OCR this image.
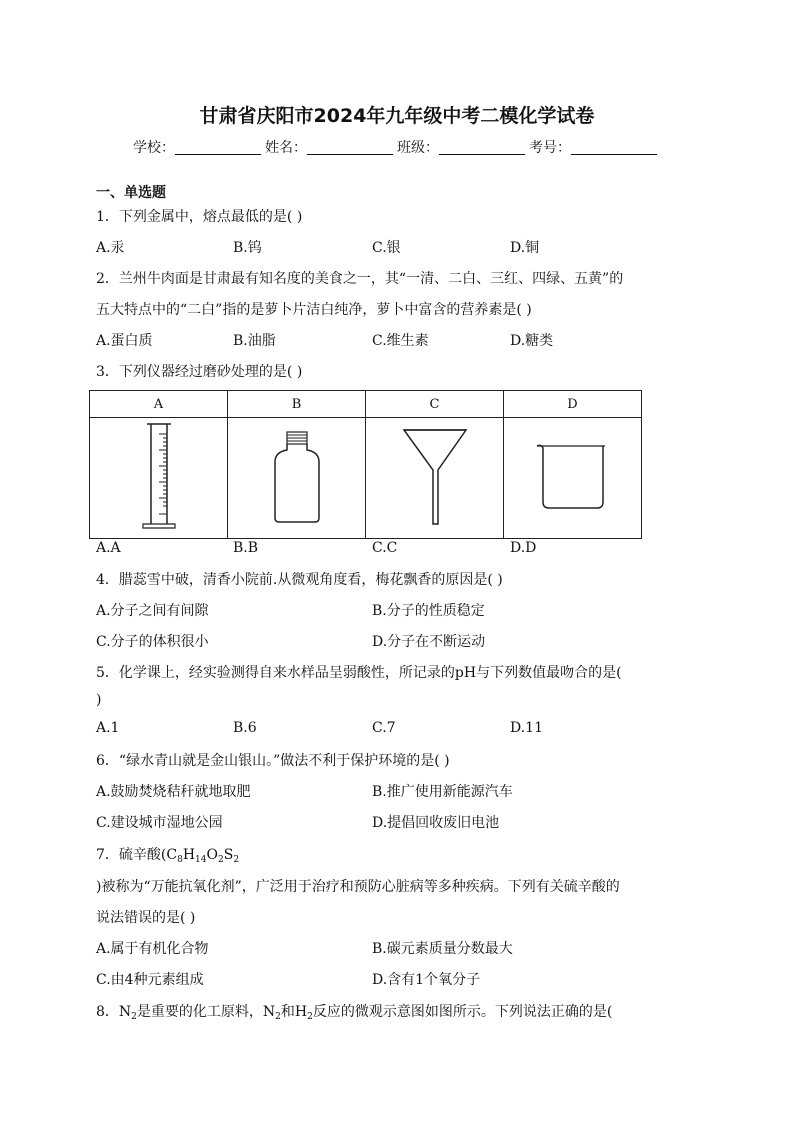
甘肃省庆阳市2024年九年级中考二模化学试卷
学校：	姓名：	班级：	考号：
一、单选题
1．下列金属中，熔点最低的是( )
A.汞	B.钨	C.银	D.铜
2．兰州牛肉面是甘肃最有知名度的美食之一，其“一清、二白、三红、四绿、五黄”的
五大特点中的“二白”指的是萝卜片洁白纯净，萝卜中富含的营养素是( )
A.蛋白质	B.油脂	C.维生素	D.糖类
3．下列仪器经过磨砂处理的是( )
A	B	C	D

A.A	B.B	C.C	D.D
4．腊蕊雪中破，清香小院前.从微观角度看，梅花飘香的原因是( )
A.分子之间有间隙	B.分子的性质稳定
C.分子的体积很小	D.分子在不断运动
5．化学课上，经实验测得自来水样品呈弱酸性，所记录的pH与下列数值最吻合的是(
)
A.1	B.6	C.7	D.11
6．“绿水青山就是金山银山。”做法不利于保护环境的是( )
A.鼓励焚烧秸秆就地取肥	B.推广使用新能源汽车
C.建设城市湿地公园	D.提倡回收废旧电池
7．硫辛酸($C_8H_{14}O_2S_2$
)被称为“万能抗氧化剂”，广泛用于治疗和预防心脏病等多种疾病。下列有关硫辛酸的
说法错误的是( )
A.属于有机化合物	B.碳元素质量分数最大
C.由4种元素组成	D.含有1个氧分子
8．$N_2$是重要的化工原料，$N_2$和$H_2$反应的微观示意图如图所示。下列说法正确的是(
